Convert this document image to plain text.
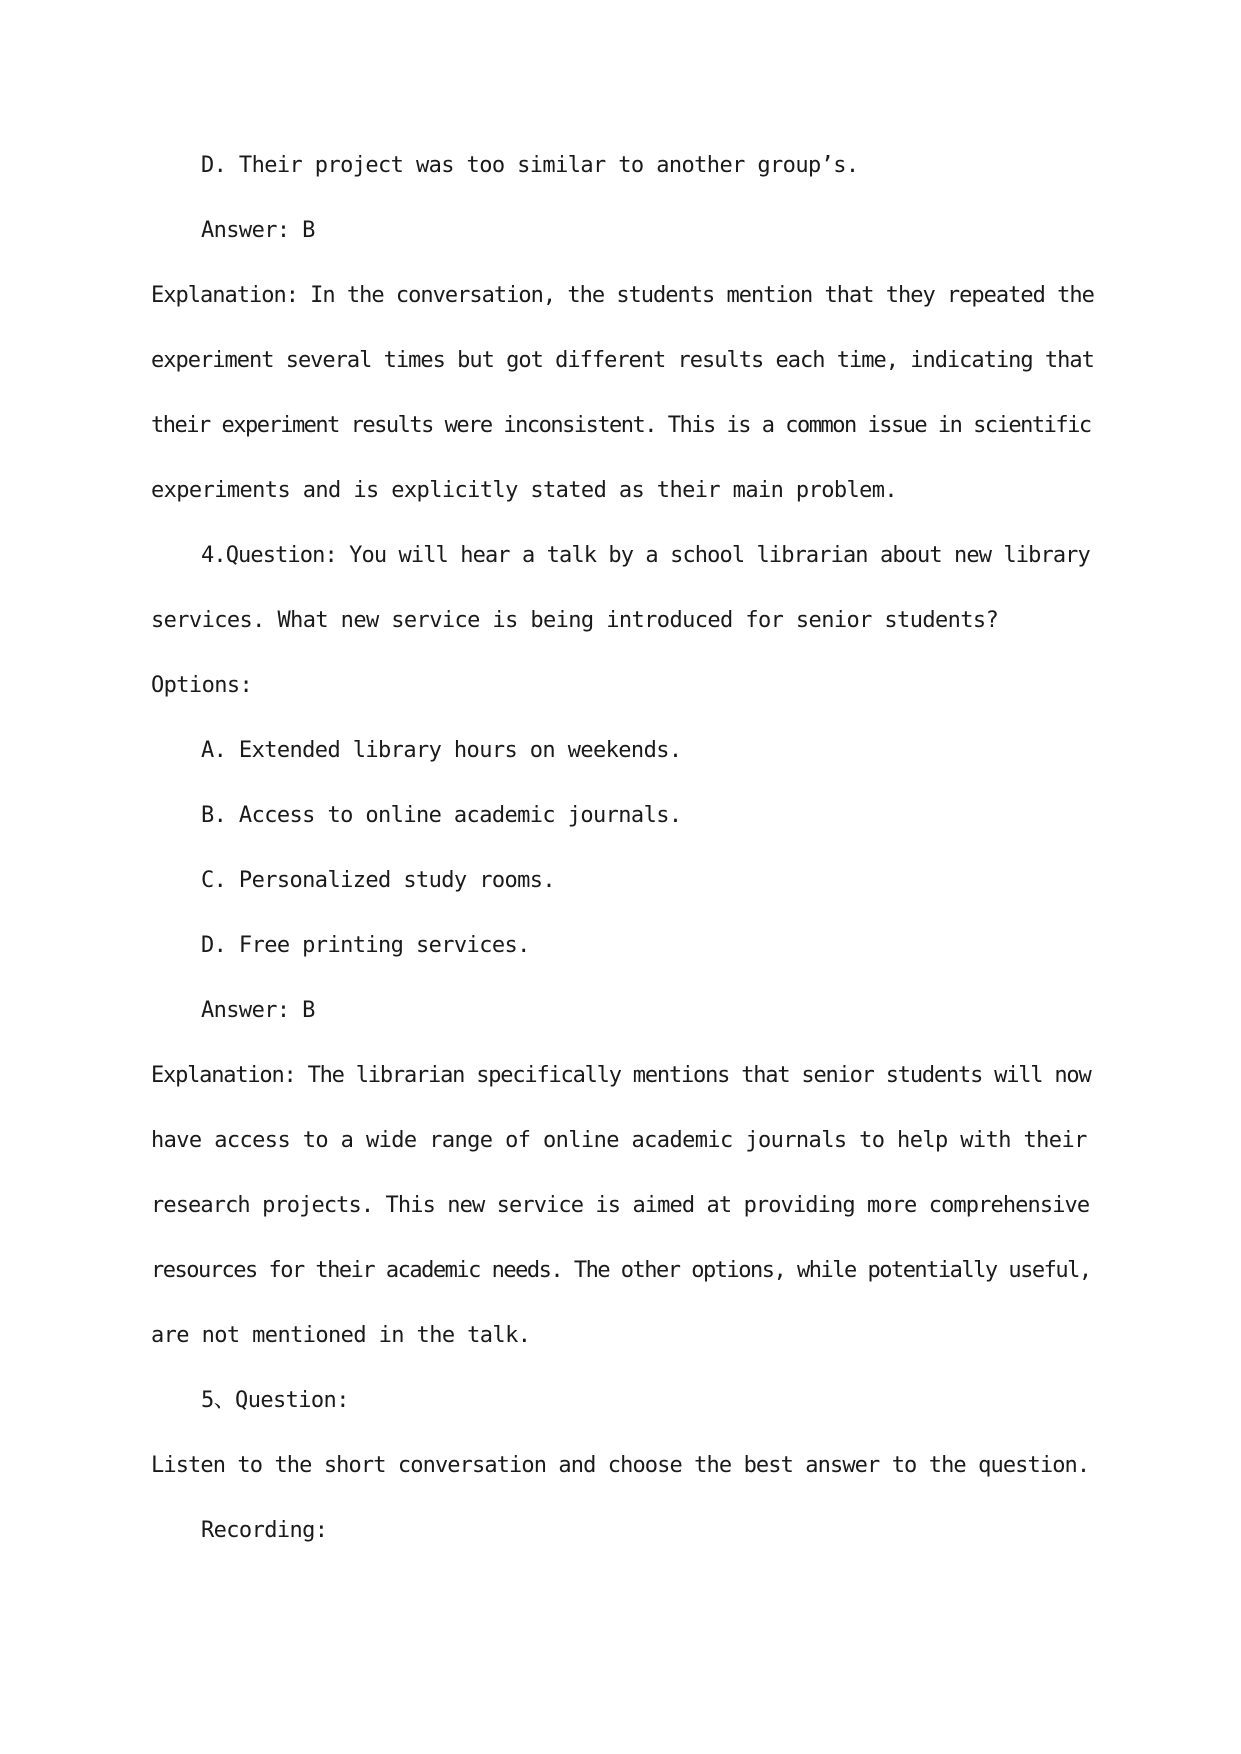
D. Their project was too similar to another group’s.
Answer: B
Explanation: In the conversation, the students mention that they repeated the
experiment several times but got different results each time, indicating that
their experiment results were inconsistent. This is a common issue in scientific
experiments and is explicitly stated as their main problem.
4.Question: You will hear a talk by a school librarian about new library
services. What new service is being introduced for senior students?
Options:
A. Extended library hours on weekends.
B. Access to online academic journals.
C. Personalized study rooms.
D. Free printing services.
Answer: B
Explanation: The librarian specifically mentions that senior students will now
have access to a wide range of online academic journals to help with their
research projects. This new service is aimed at providing more comprehensive
resources for their academic needs. The other options, while potentially useful,
are not mentioned in the talk.
5、Question:
Listen to the short conversation and choose the best answer to the question.
Recording:
